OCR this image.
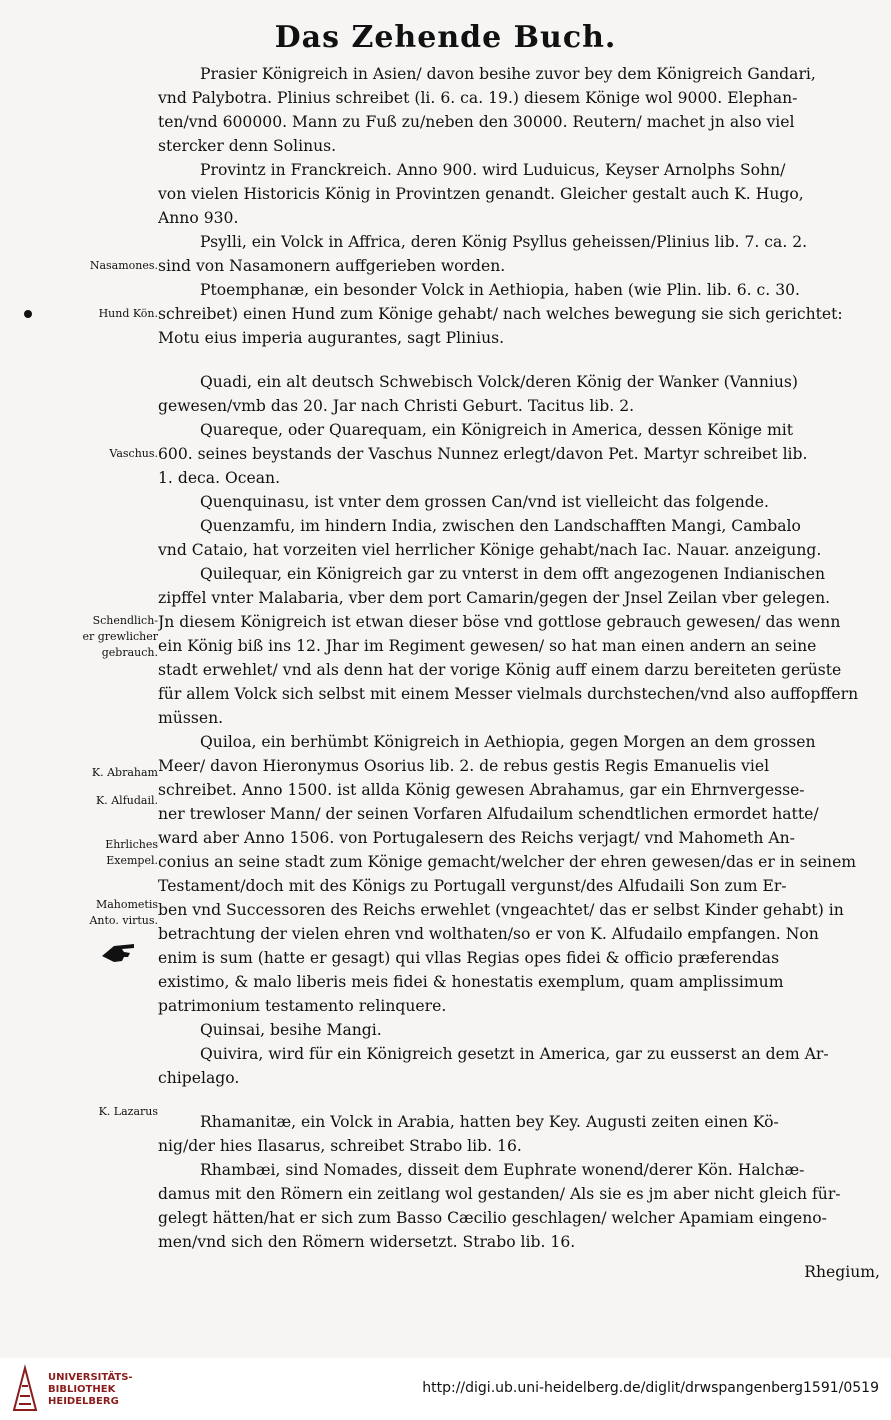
Das Zehende Buch.
Prasier Königreich in Asien/ davon besihe zuvor bey dem Königreich Gandari,
vnd Palybotra. Plinius schreibet (li. 6. ca. 19.) diesem Könige wol 9000. Elephan-
ten/vnd 600000. Mann zu Fuß zu/neben den 30000. Reutern/ machet jn also viel
stercker denn Solinus.
Provintz in Franckreich. Anno 900. wird Luduicus, Keyser Arnolphs Sohn/
von vielen Historicis König in Provintzen genandt. Gleicher gestalt auch K. Hugo,
Anno 930.
Psylli, ein Volck in Affrica, deren König Psyllus geheissen/Plinius lib. 7. ca. 2.
sind von Nasamonern auffgerieben worden.
Ptoemphanæ, ein besonder Volck in Aethiopia, haben (wie Plin. lib. 6. c. 30.
schreibet) einen Hund zum Könige gehabt/ nach welches bewegung sie sich gerichtet:
Motu eius imperia augurantes, sagt Plinius.
Quadi, ein alt deutsch Schwebisch Volck/deren König der Wanker (Vannius)
gewesen/vmb das 20. Jar nach Christi Geburt. Tacitus lib. 2.
Quareque, oder Quarequam, ein Königreich in America, dessen Könige mit
600. seines beystands der Vaschus Nunnez erlegt/davon Pet. Martyr schreibet lib.
1. deca. Ocean.
Quenquinasu, ist vnter dem grossen Can/vnd ist vielleicht das folgende.
Quenzamfu, im hindern India, zwischen den Landschafften Mangi, Cambalo
vnd Cataio, hat vorzeiten viel herrlicher Könige gehabt/nach Iac. Nauar. anzeigung.
Quilequar, ein Königreich gar zu vnterst in dem offt angezogenen Indianischen
zipffel vnter Malabaria, vber dem port Camarin/gegen der Jnsel Zeilan vber gelegen.
Jn diesem Königreich ist etwan dieser böse vnd gottlose gebrauch gewesen/ das wenn
ein König biß ins 12. Jhar im Regiment gewesen/ so hat man einen andern an seine
stadt erwehlet/ vnd als denn hat der vorige König auff einem darzu bereiteten gerüste
für allem Volck sich selbst mit einem Messer vielmals durchstechen/vnd also auffopffern
müssen.
Quiloa, ein berhümbt Königreich in Aethiopia, gegen Morgen an dem grossen
Meer/ davon Hieronymus Osorius lib. 2. de rebus gestis Regis Emanuelis viel
schreibet. Anno 1500. ist allda König gewesen Abrahamus, gar ein Ehrnvergesse-
ner trewloser Mann/ der seinen Vorfaren Alfudailum schendtlichen ermordet hatte/
ward aber Anno 1506. von Portugalesern des Reichs verjagt/ vnd Mahometh An-
conius an seine stadt zum Könige gemacht/welcher der ehren gewesen/das er in seinem
Testament/doch mit des Königs zu Portugall vergunst/des Alfudaili Son zum Er-
ben vnd Successoren des Reichs erwehlet (vngeachtet/ das er selbst Kinder gehabt) in
betrachtung der vielen ehren vnd wolthaten/so er von K. Alfudailo empfangen. Non
enim is sum (hatte er gesagt) qui vllas Regias opes fidei & officio præferendas
existimo, & malo liberis meis fidei & honestatis exemplum, quam amplissimum
patrimonium testamento relinquere.
Quinsai, besihe Mangi.
Quivira, wird für ein Königreich gesetzt in America, gar zu eusserst an dem Ar-
chipelago.
Rhamanitæ, ein Volck in Arabia, hatten bey Key. Augusti zeiten einen Kö-
nig/der hies Ilasarus, schreibet Strabo lib. 16.
Rhambæi, sind Nomades, disseit dem Euphrate wonend/derer Kön. Halchæ-
damus mit den Römern ein zeitlang wol gestanden/ Als sie es jm aber nicht gleich für-
gelegt hätten/hat er sich zum Basso Cæcilio geschlagen/ welcher Apamiam eingeno-
men/vnd sich den Römern widersetzt. Strabo lib. 16.
Rhegium,
Nasamones.
Hund Kön.
Vaschus.
Schendlich-
er grewlicher
gebrauch.
K. Abraham
K. Alfudail.
Ehrliches
Exempel.
Mahometis
Anto. virtus.
K. Lazarus
UNIVERSITÄTS-
BIBLIOTHEK
HEIDELBERG
http://digi.ub.uni-heidelberg.de/diglit/drwspangenberg1591/0519
